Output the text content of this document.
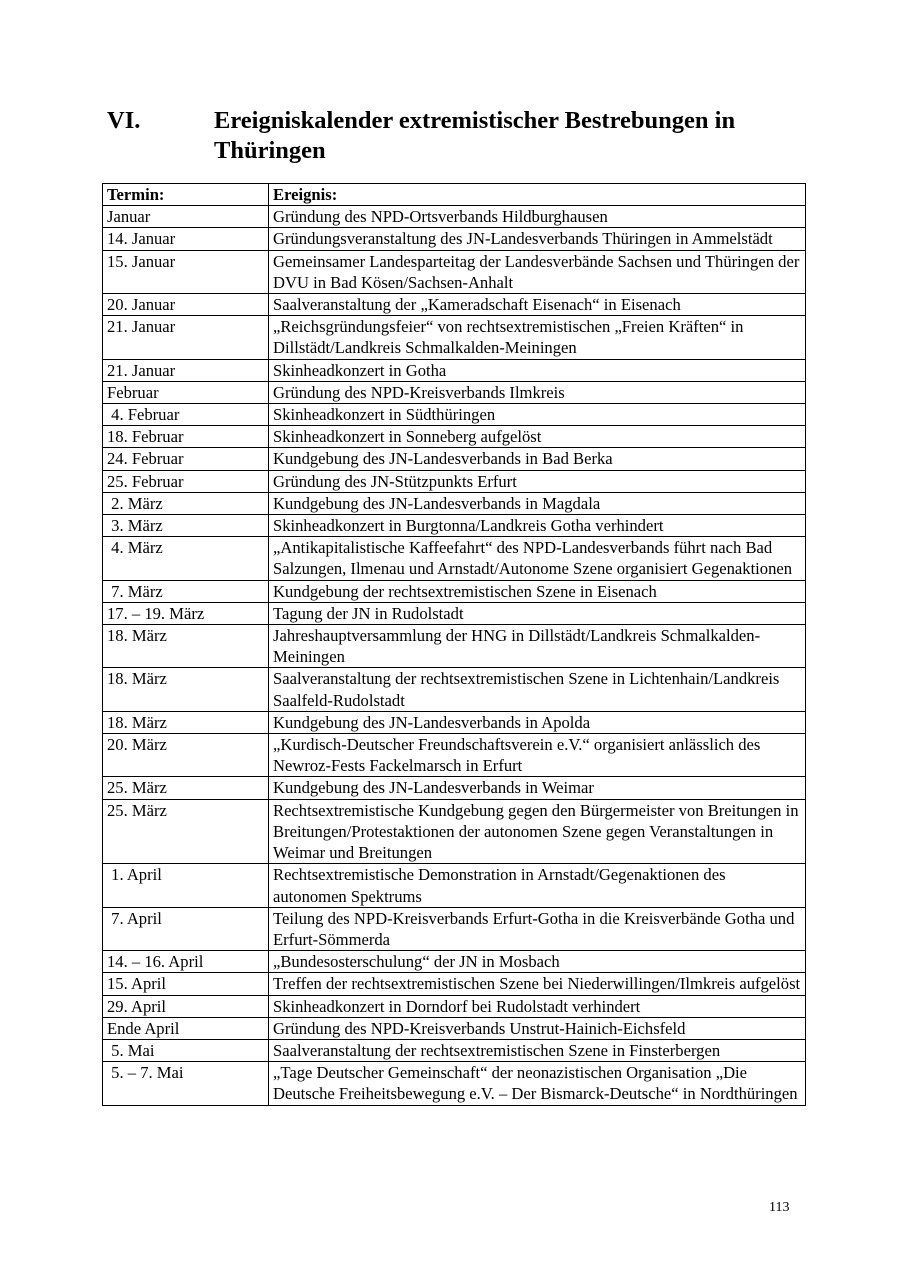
VI.	Ereigniskalender extremistischer Bestrebungen in Thüringen
Termin:	Ereignis:
Januar	Gründung des NPD-Ortsverbands Hildburghausen
14. Januar	Gründungsveranstaltung des JN-Landesverbands Thüringen in Ammelstädt
15. Januar	Gemeinsamer Landesparteitag der Landesverbände Sachsen und Thüringen der DVU in Bad Kösen/Sachsen-Anhalt
20. Januar	Saalveranstaltung der „Kameradschaft Eisenach“ in Eisenach
21. Januar	„Reichsgründungsfeier“ von rechtsextremistischen „Freien Kräften“ in Dillstädt/Landkreis Schmalkalden-Meiningen
21. Januar	Skinheadkonzert in Gotha
Februar	Gründung des NPD-Kreisverbands Ilmkreis
4. Februar	Skinheadkonzert in Südthüringen
18. Februar	Skinheadkonzert in Sonneberg aufgelöst
24. Februar	Kundgebung des JN-Landesverbands in Bad Berka
25. Februar	Gründung des JN-Stützpunkts Erfurt
2. März	Kundgebung des JN-Landesverbands in Magdala
3. März	Skinheadkonzert in Burgtonna/Landkreis Gotha verhindert
4. März	„Antikapitalistische Kaffeefahrt“ des NPD-Landesverbands führt nach Bad Salzungen, Ilmenau und Arnstadt/Autonome Szene organisiert Gegenaktionen
7. März	Kundgebung der rechtsextremistischen Szene in Eisenach
17. – 19. März	Tagung der JN in Rudolstadt
18. März	Jahreshauptversammlung der HNG in Dillstädt/Landkreis Schmalkalden-Meiningen
18. März	Saalveranstaltung der rechtsextremistischen Szene in Lichtenhain/Landkreis Saalfeld-Rudolstadt
18. März	Kundgebung des JN-Landesverbands in Apolda
20. März	„Kurdisch-Deutscher Freundschaftsverein e.V.“ organisiert anlässlich des Newroz-Fests Fackelmarsch in Erfurt
25. März	Kundgebung des JN-Landesverbands in Weimar
25. März	Rechtsextremistische Kundgebung gegen den Bürgermeister von Breitungen in Breitungen/Protestaktionen der autonomen Szene gegen Veranstaltungen in Weimar und Breitungen
1. April	Rechtsextremistische Demonstration in Arnstadt/Gegenaktionen des autonomen Spektrums
7. April	Teilung des NPD-Kreisverbands Erfurt-Gotha in die Kreisverbände Gotha und Erfurt-Sömmerda
14. – 16. April	„Bundesosterschulung“ der JN in Mosbach
15. April	Treffen der rechtsextremistischen Szene bei Niederwillingen/Ilmkreis aufgelöst
29. April	Skinheadkonzert in Dorndorf bei Rudolstadt verhindert
Ende April	Gründung des NPD-Kreisverbands Unstrut-Hainich-Eichsfeld
5. Mai	Saalveranstaltung der rechtsextremistischen Szene in Finsterbergen
5. – 7. Mai	„Tage Deutscher Gemeinschaft“ der neonazistischen Organisation „Die Deutsche Freiheitsbewegung e.V. – Der Bismarck-Deutsche“ in Nordthüringen
113
